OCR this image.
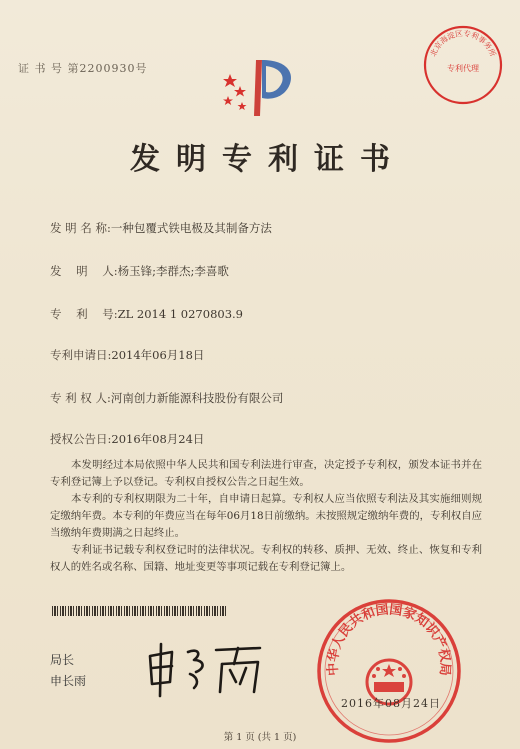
证 书 号 第2200930号
北京海淀区专利事务所
专利代理
发明专利证书
发 明 名 称:一种包覆式铁电极及其制备方法
发    明    人:杨玉锋;李群杰;李喜歌
专    利    号:ZL 2014 1 0270803.9
专利申请日:2014年06月18日
专 利 权 人:河南创力新能源科技股份有限公司
授权公告日:2016年08月24日
本发明经过本局依照中华人民共和国专利法进行审查，决定授予专利权，颁发本证书并在专利登记簿上予以登记。专利权自授权公告之日起生效。
本专利的专利权期限为二十年，自申请日起算。专利权人应当依照专利法及其实施细则规定缴纳年费。本专利的年费应当在每年06月18日前缴纳。未按照规定缴纳年费的，专利权自应当缴纳年费期满之日起终止。
专利证书记载专利权登记时的法律状况。专利权的转移、质押、无效、终止、恢复和专利权人的姓名或名称、国籍、地址变更等事项记载在专利登记簿上。
局长
申长雨
中华人民共和国国家知识产权局
2016年08月24日
第 1 页 (共 1 页)
